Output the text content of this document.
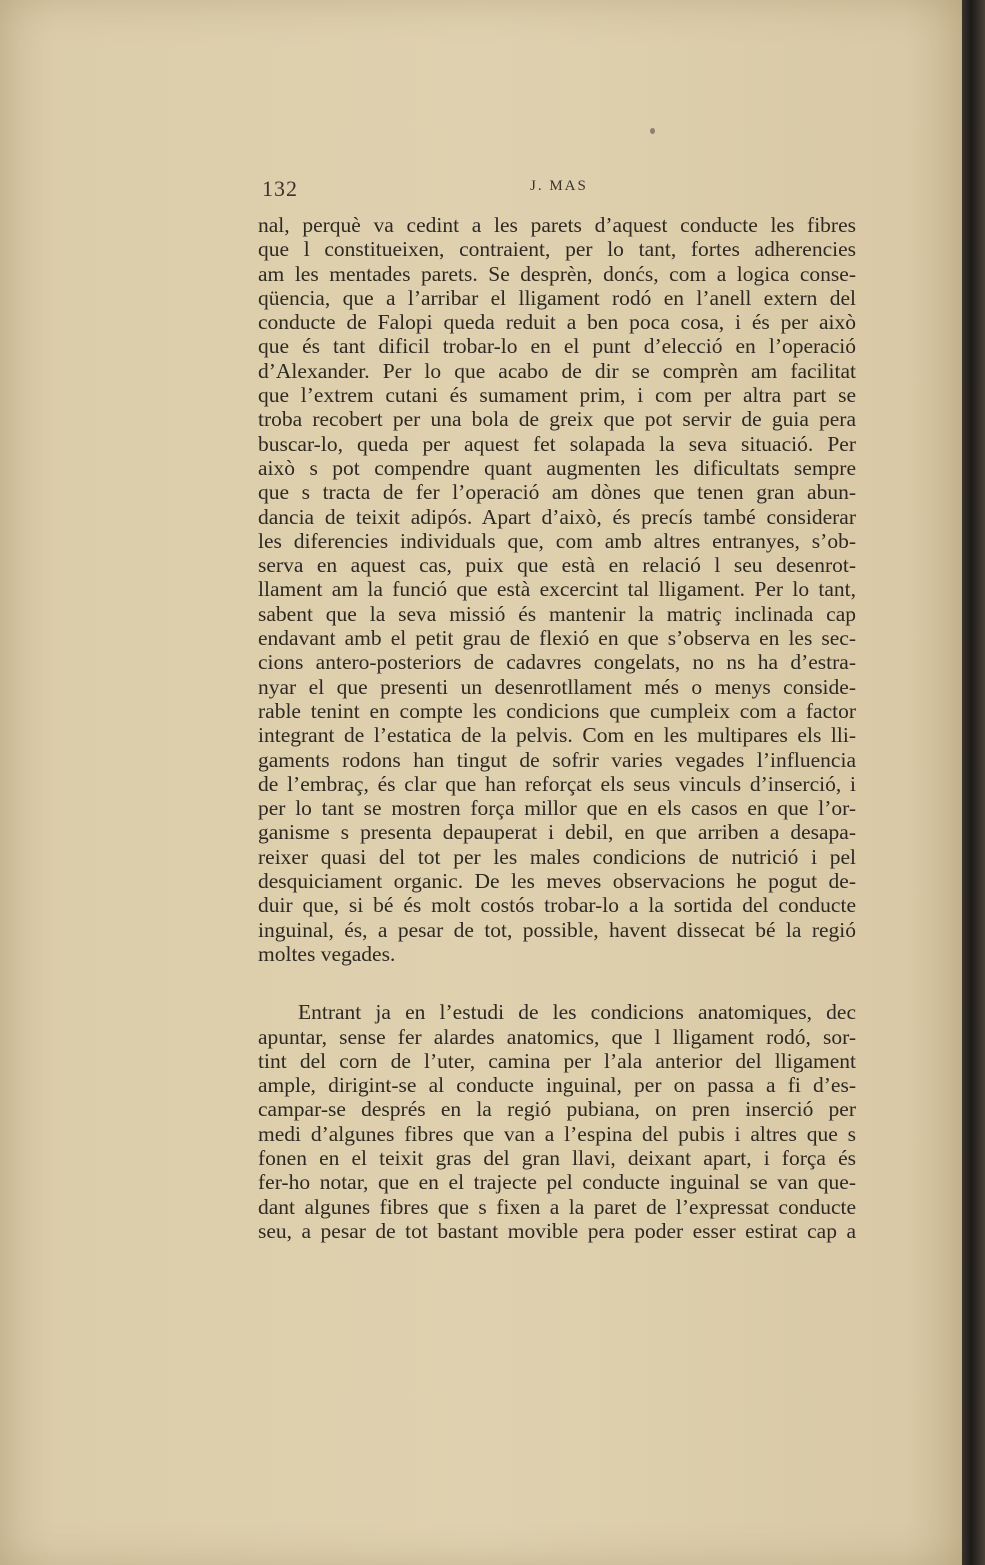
132	J. MAS
nal, perquè va cedint a les parets d’aquest conducte les fibres
que l constitueixen, contraient, per lo tant, fortes adherencies
am les mentades parets. Se desprèn, donćs, com a logica conse-
qüencia, que a l’arribar el lligament rodó en l’anell extern del
conducte de Falopi queda reduit a ben poca cosa, i és per això
que és tant dificil trobar-lo en el punt d’elecció en l’operació
d’Alexander. Per lo que acabo de dir se comprèn am facilitat
que l’extrem cutani és sumament prim, i com per altra part se
troba recobert per una bola de greix que pot servir de guia pera
buscar-lo, queda per aquest fet solapada la seva situació. Per
això s pot compendre quant augmenten les dificultats sempre
que s tracta de fer l’operació am dònes que tenen gran abun-
dancia de teixit adipós. Apart d’això, és precís també considerar
les diferencies individuals que, com amb altres entranyes, s’ob-
serva en aquest cas, puix que està en relació l seu desenrot-
llament am la funció que està excercint tal lligament. Per lo tant,
sabent que la seva missió és mantenir la matriç inclinada cap
endavant amb el petit grau de flexió en que s’observa en les sec-
cions antero-posteriors de cadavres congelats, no ns ha d’estra-
nyar el que presenti un desenrotllament més o menys conside-
rable tenint en compte les condicions que cumpleix com a factor
integrant de l’estatica de la pelvis. Com en les multipares els lli-
gaments rodons han tingut de sofrir varies vegades l’influencia
de l’embraç, és clar que han reforçat els seus vinculs d’inserció, i
per lo tant se mostren força millor que en els casos en que l’or-
ganisme s presenta depauperat i debil, en que arriben a desapa-
reixer quasi del tot per les males condicions de nutrició i pel
desquiciament organic. De les meves observacions he pogut de-
duir que, si bé és molt costós trobar-lo a la sortida del conducte
inguinal, és, a pesar de tot, possible, havent dissecat bé la regió
moltes vegades.
Entrant ja en l’estudi de les condicions anatomiques, dec
apuntar, sense fer alardes anatomics, que l lligament rodó, sor-
tint del corn de l’uter, camina per l’ala anterior del lligament
ample, dirigint-se al conducte inguinal, per on passa a fi d’es-
campar-se després en la regió pubiana, on pren inserció per
medi d’algunes fibres que van a l’espina del pubis i altres que s
fonen en el teixit gras del gran llavi, deixant apart, i força és
fer-ho notar, que en el trajecte pel conducte inguinal se van que-
dant algunes fibres que s fixen a la paret de l’expressat conducte
seu, a pesar de tot bastant movible pera poder esser estirat cap a
